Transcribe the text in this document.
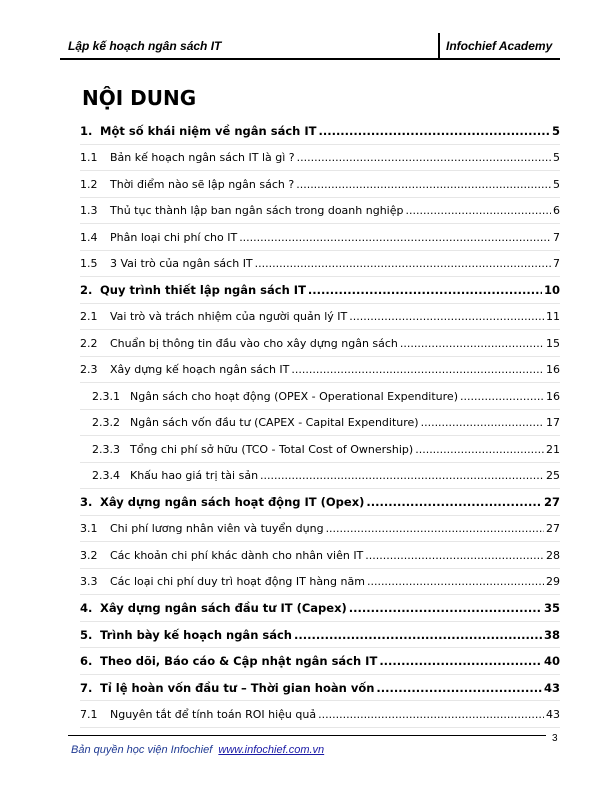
Lập kế hoạch ngân sách IT	Infochief Academy
NỘI DUNG
1. Một số khái niệm về ngân sách IT .....	5
1.1	Bản kế hoạch ngân sách IT là gì ? .....	5
1.2	Thời điểm nào sẽ lập ngân sách ? .....	5
1.3	Thủ tục thành lập ban ngân sách trong doanh nghiệp .....	6
1.4	Phân loại chi phí cho IT .....	7
1.5	3 Vai trò của ngân sách IT .....	7
2. Quy trình thiết lập ngân sách IT .....	10
2.1	Vai trò và trách nhiệm của người quản lý IT .....	11
2.2	Chuẩn bị thông tin đầu vào cho xây dựng ngân sách .....	15
2.3	Xây dựng kế hoạch ngân sách IT .....	16
2.3.1 Ngân sách cho hoạt động (OPEX - Operational Expenditure) .....	16
2.3.2 Ngân sách vốn đầu tư (CAPEX - Capital Expenditure) .....	17
2.3.3 Tổng chi phí sở hữu (TCO - Total Cost of Ownership) .....	21
2.3.4 Khấu hao giá trị tài sản .....	25
3. Xây dựng ngân sách hoạt động IT (Opex) .....	27
3.1	Chi phí lương nhân viên và tuyển dụng .....	27
3.2	Các khoản chi phí khác dành cho nhân viên IT .....	28
3.3	Các loại chi phí duy trì hoạt động IT hàng năm .....	29
4. Xây dựng ngân sách đầu tư IT (Capex) .....	35
5. Trình bày kế hoạch ngân sách .....	38
6. Theo dõi, Báo cáo & Cập nhật ngân sách IT .....	40
7. Tỉ lệ hoàn vốn đầu tư – Thời gian hoàn vốn .....	43
7.1	Nguyên tắt để tính toán ROI hiệu quả .....	43
Bản quyền học viện Infochief www.infochief.com.vn
3
